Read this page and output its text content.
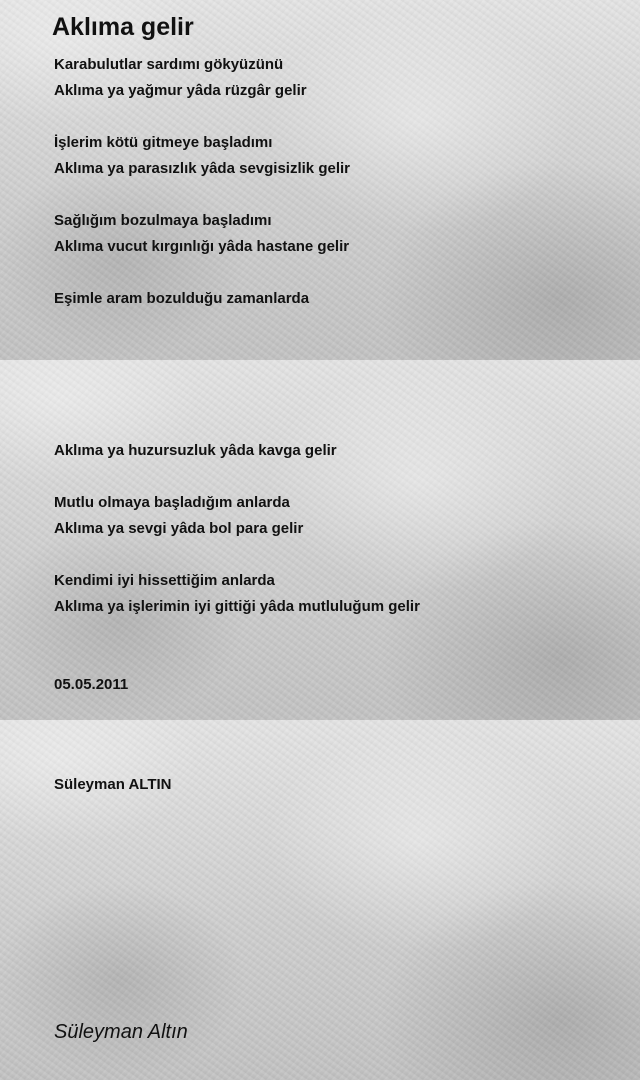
Aklıma gelir
Karabulutlar sardımı gökyüzünü
Aklıma ya yağmur yâda rüzgâr gelir
İşlerim kötü gitmeye başladımı
Aklıma ya parasızlık yâda sevgisizlik gelir
Sağlığım bozulmaya başladımı
Aklıma vucut kırgınlığı yâda hastane gelir
Eşimle aram bozulduğu zamanlarda
Aklıma ya huzursuzluk yâda kavga gelir
Mutlu olmaya başladığım anlarda
Aklıma ya sevgi yâda bol para gelir
Kendimi iyi hissettiğim anlarda
Aklıma ya işlerimin iyi gittiği yâda mutluluğum gelir
05.05.2011
Süleyman ALTIN
Süleyman Altın
